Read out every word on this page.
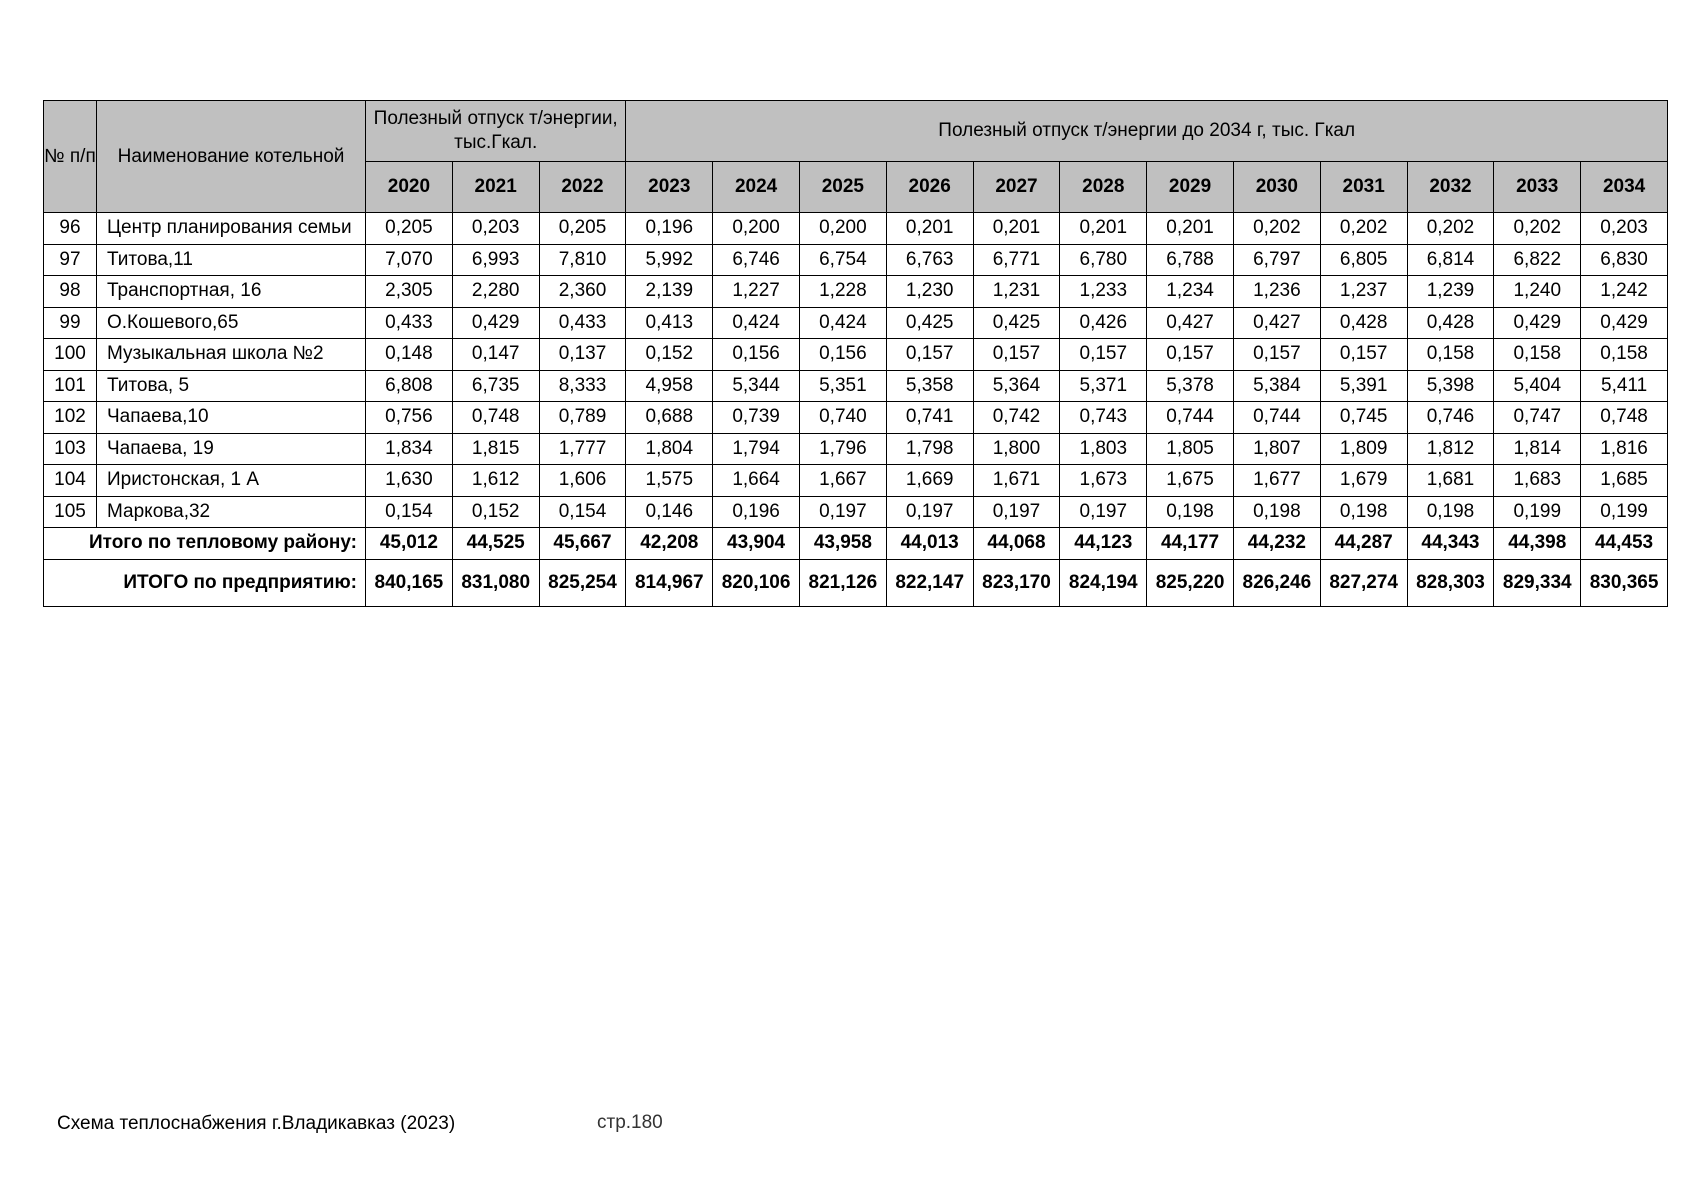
№ п/п	Наименование котельной	Полезный отпуск т/энергии, тыс.Гкал.			Полезный отпуск т/энергии до 2034 г, тыс. Гкал											
		2020	2021	2022	2023	2024	2025	2026	2027	2028	2029	2030	2031	2032	2033	2034
96	Центр планирования семьи	0,205	0,203	0,205	0,196	0,200	0,200	0,201	0,201	0,201	0,201	0,202	0,202	0,202	0,202	0,203
97	Титова,11	7,070	6,993	7,810	5,992	6,746	6,754	6,763	6,771	6,780	6,788	6,797	6,805	6,814	6,822	6,830
98	Транспортная, 16	2,305	2,280	2,360	2,139	1,227	1,228	1,230	1,231	1,233	1,234	1,236	1,237	1,239	1,240	1,242
99	О.Кошевого,65	0,433	0,429	0,433	0,413	0,424	0,424	0,425	0,425	0,426	0,427	0,427	0,428	0,428	0,429	0,429
100	Музыкальная школа №2	0,148	0,147	0,137	0,152	0,156	0,156	0,157	0,157	0,157	0,157	0,157	0,157	0,158	0,158	0,158
101	Титова, 5	6,808	6,735	8,333	4,958	5,344	5,351	5,358	5,364	5,371	5,378	5,384	5,391	5,398	5,404	5,411
102	Чапаева,10	0,756	0,748	0,789	0,688	0,739	0,740	0,741	0,742	0,743	0,744	0,744	0,745	0,746	0,747	0,748
103	Чапаева, 19	1,834	1,815	1,777	1,804	1,794	1,796	1,798	1,800	1,803	1,805	1,807	1,809	1,812	1,814	1,816
104	Иристонская, 1 А	1,630	1,612	1,606	1,575	1,664	1,667	1,669	1,671	1,673	1,675	1,677	1,679	1,681	1,683	1,685
105	Маркова,32	0,154	0,152	0,154	0,146	0,196	0,197	0,197	0,197	0,197	0,198	0,198	0,198	0,198	0,199	0,199
Итого по тепловому району:		45,012	44,525	45,667	42,208	43,904	43,958	44,013	44,068	44,123	44,177	44,232	44,287	44,343	44,398	44,453
ИТОГО по предприятию:		840,165	831,080	825,254	814,967	820,106	821,126	822,147	823,170	824,194	825,220	826,246	827,274	828,303	829,334	830,365
Схема теплоснабжения г.Владикавказ (2023)	стр.180
